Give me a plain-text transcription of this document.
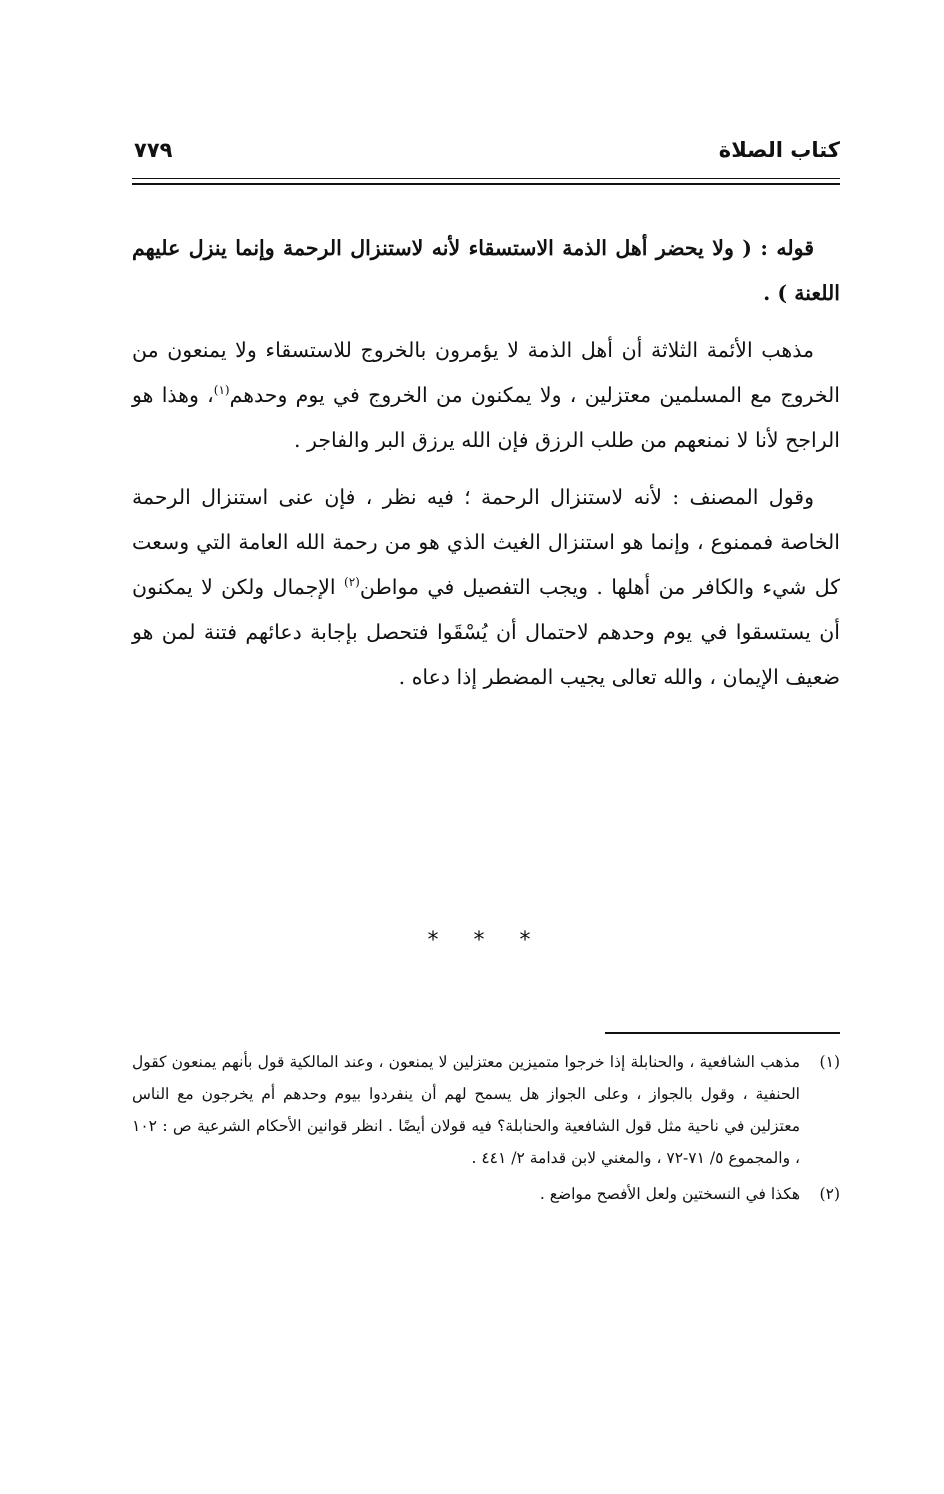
كتاب الصلاة
٧٧٩

قوله : ( ولا يحضر أهل الذمة الاستسقاء لأنه لاستنزال الرحمة وإنما ينزل عليهم اللعنة ) .

مذهب الأئمة الثلاثة أن أهل الذمة لا يؤمرون بالخروج للاستسقاء ولا يمنعون من الخروج مع المسلمين معتزلين ، ولا يمكنون من الخروج في يوم وحدهم$^{(١)}$، وهذا هو الراجح لأنا لا نمنعهم من طلب الرزق فإن الله يرزق البر والفاجر .

وقول المصنف : لأنه لاستنزال الرحمة ؛ فيه نظر ، فإن عنى استنزال الرحمة الخاصة فممنوع ، وإنما هو استنزال الغيث الذي هو من رحمة الله العامة التي وسعت كل شيء والكافر من أهلها . ويجب التفصيل في مواطن$^{(٢)}$ الإجمال ولكن لا يمكنون أن يستسقوا في يوم وحدهم لاحتمال أن يُسْقَوا فتحصل بإجابة دعائهم فتنة لمن هو ضعيف الإيمان ، والله تعالى يجيب المضطر إذا دعاه .

* * *
(١)
مذهب الشافعية ، والحنابلة إذا خرجوا متميزين معتزلين لا يمنعون ، وعند المالكية قول بأنهم يمنعون كقول الحنفية ، وقول بالجواز ، وعلى الجواز هل يسمح لهم أن ينفردوا بيوم وحدهم أم يخرجون مع الناس معتزلين في ناحية مثل قول الشافعية والحنابلة؟ فيه قولان أيضًا . انظر قوانين الأحكام الشرعية ص : ١٠٢ ، والمجموع ٥/ ٧١-٧٢ ، والمغني لابن قدامة ٢/ ٤٤١ .
(٢)
هكذا في النسختين ولعل الأفصح مواضع .
